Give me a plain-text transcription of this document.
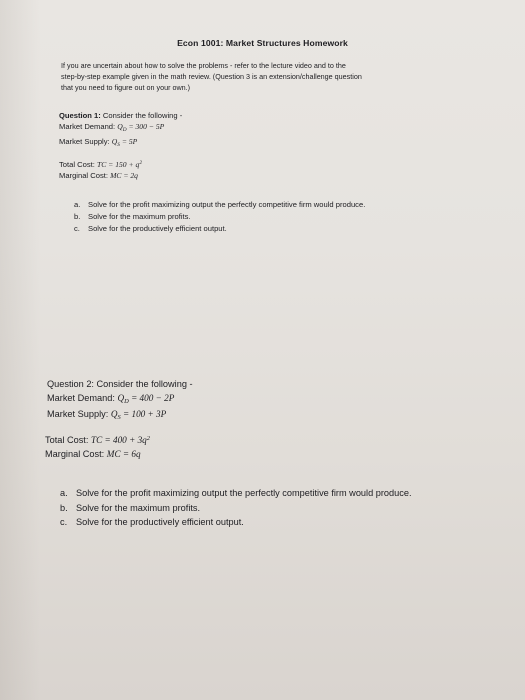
Econ 1001: Market Structures Homework
If you are uncertain about how to solve the problems - refer to the lecture video and to the
step-by-step example given in the math review. (Question 3 is an extension/challenge question
that you need to figure out on your own.)
Question 1: Consider the following -
Market Demand: $Q_D = 300 - 5P$
Market Supply: $Q_S = 5P$
Total Cost: TC = $150 + q^2$
Marginal Cost: MC = 2q
a. Solve for the profit maximizing output the perfectly competitive firm would produce.
b. Solve for the maximum profits.
c. Solve for the productively efficient output.
Question 2: Consider the following -
Market Demand: $Q_D = 400 - 2P$
Market Supply: $Q_S = 100 + 3P$
Total Cost: TC = $400 + 3q^2$
Marginal Cost: MC = 6q
a. Solve for the profit maximizing output the perfectly competitive firm would produce.
b. Solve for the maximum profits.
c. Solve for the productively efficient output.
